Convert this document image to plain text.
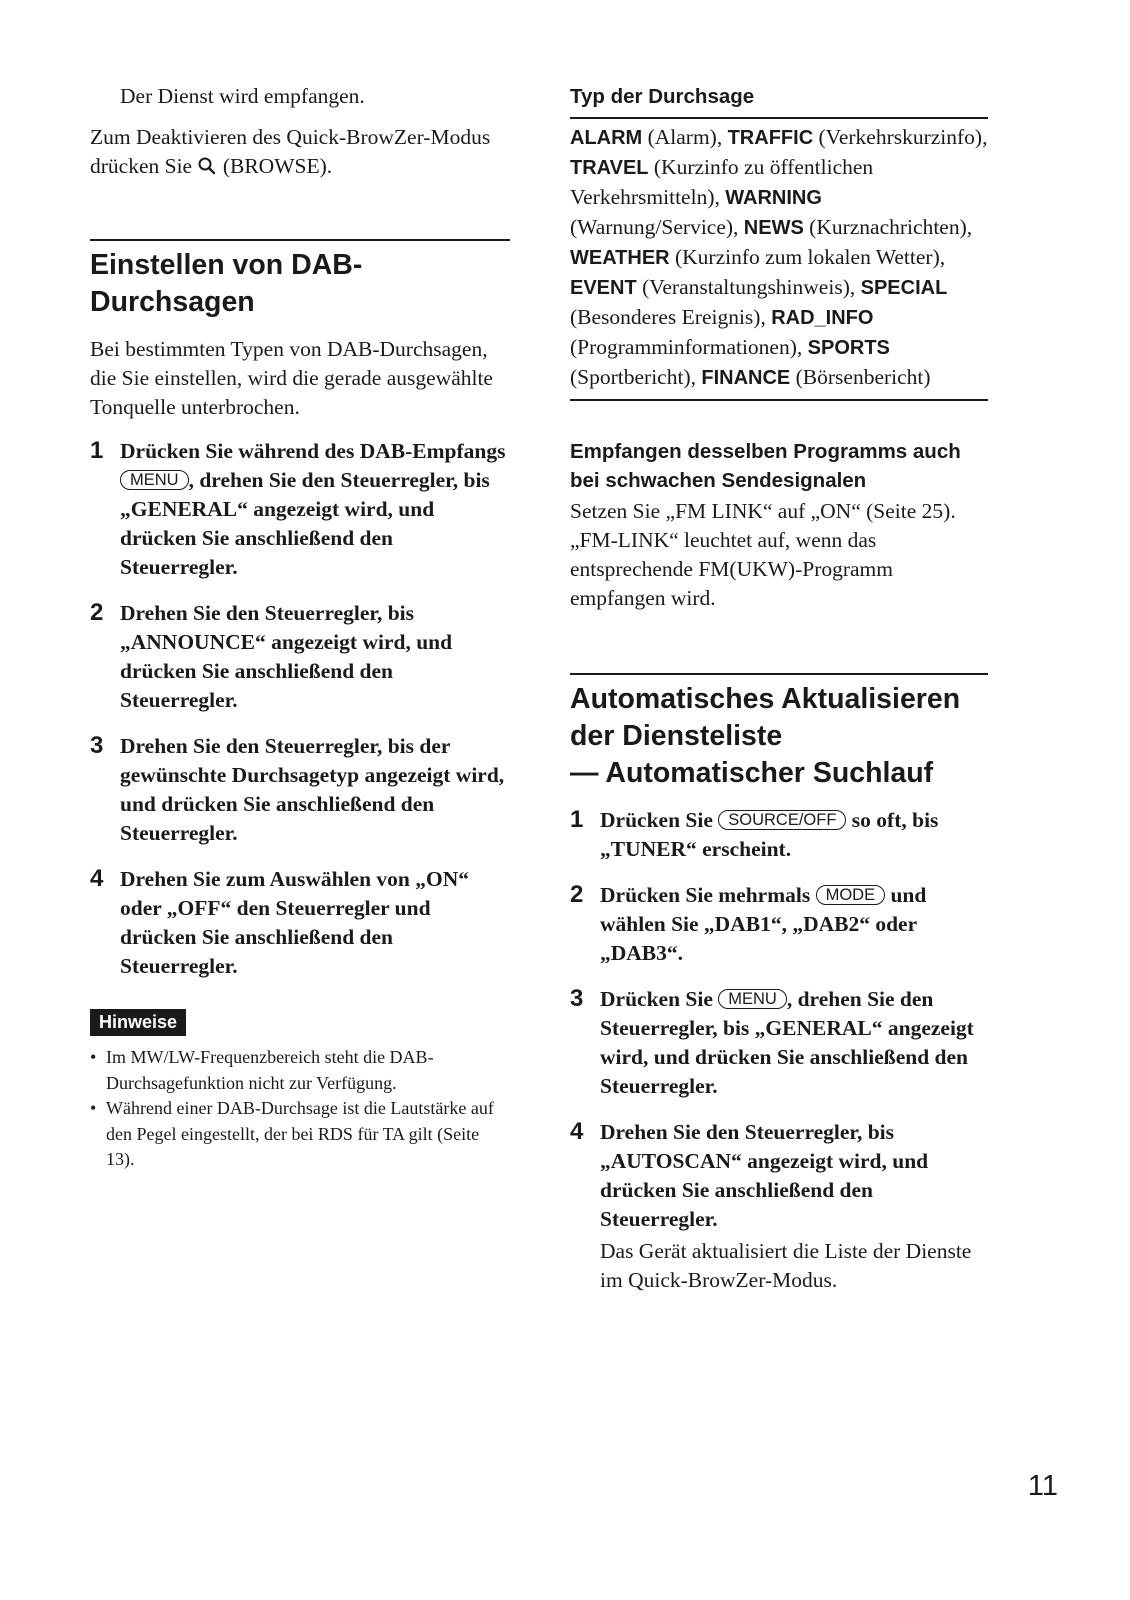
Der Dienst wird empfangen.

Zum Deaktivieren des Quick-BrowZer-Modus drücken Sie (BROWSE).

Einstellen von DAB-Durchsagen

Bei bestimmten Typen von DAB-Durchsagen, die Sie einstellen, wird die gerade ausgewählte Tonquelle unterbrochen.

1 Drücken Sie während des DAB-Empfangs MENU , drehen Sie den Steuerregler, bis „GENERAL“ angezeigt wird, und drücken Sie anschließend den Steuerregler.
2 Drehen Sie den Steuerregler, bis „ANNOUNCE“ angezeigt wird, und drücken Sie anschließend den Steuerregler.
3 Drehen Sie den Steuerregler, bis der gewünschte Durchsagetyp angezeigt wird, und drücken Sie anschließend den Steuerregler.
4 Drehen Sie zum Auswählen von „ON“ oder „OFF“ den Steuerregler und drücken Sie anschließend den Steuerregler.
Hinweise
• Im MW/LW-Frequenzbereich steht die DAB-Durchsagefunktion nicht zur Verfügung.
• Während einer DAB-Durchsage ist die Lautstärke auf den Pegel eingestellt, der bei RDS für TA gilt (Seite 13).
Typ der Durchsage

ALARM (Alarm), TRAFFIC (Verkehrskurzinfo), TRAVEL (Kurzinfo zu öffentlichen Verkehrsmitteln), WARNING (Warnung/Service), NEWS (Kurznachrichten), WEATHER (Kurzinfo zum lokalen Wetter), EVENT (Veranstaltungshinweis), SPECIAL (Besonderes Ereignis), RAD_INFO (Programminformationen), SPORTS (Sportbericht), FINANCE (Börsenbericht)

Empfangen desselben Programms auch bei schwachen Sendesignalen

Setzen Sie „FM LINK“ auf „ON“ (Seite 25). „FM-LINK“ leuchtet auf, wenn das entsprechende FM(UKW)-Programm empfangen wird.

Automatisches Aktualisieren der Diensteliste
— Automatischer Suchlauf
1 Drücken Sie SOURCE/OFF so oft, bis „TUNER“ erscheint.
2 Drücken Sie mehrmals MODE und wählen Sie „DAB1“, „DAB2“ oder „DAB3“.
3 Drücken Sie MENU , drehen Sie den Steuerregler, bis „GENERAL“ angezeigt wird, und drücken Sie anschließend den Steuerregler.
4 Drehen Sie den Steuerregler, bis „AUTOSCAN“ angezeigt wird, und drücken Sie anschließend den Steuerregler.

Das Gerät aktualisiert die Liste der Dienste im Quick-BrowZer-Modus.

11
